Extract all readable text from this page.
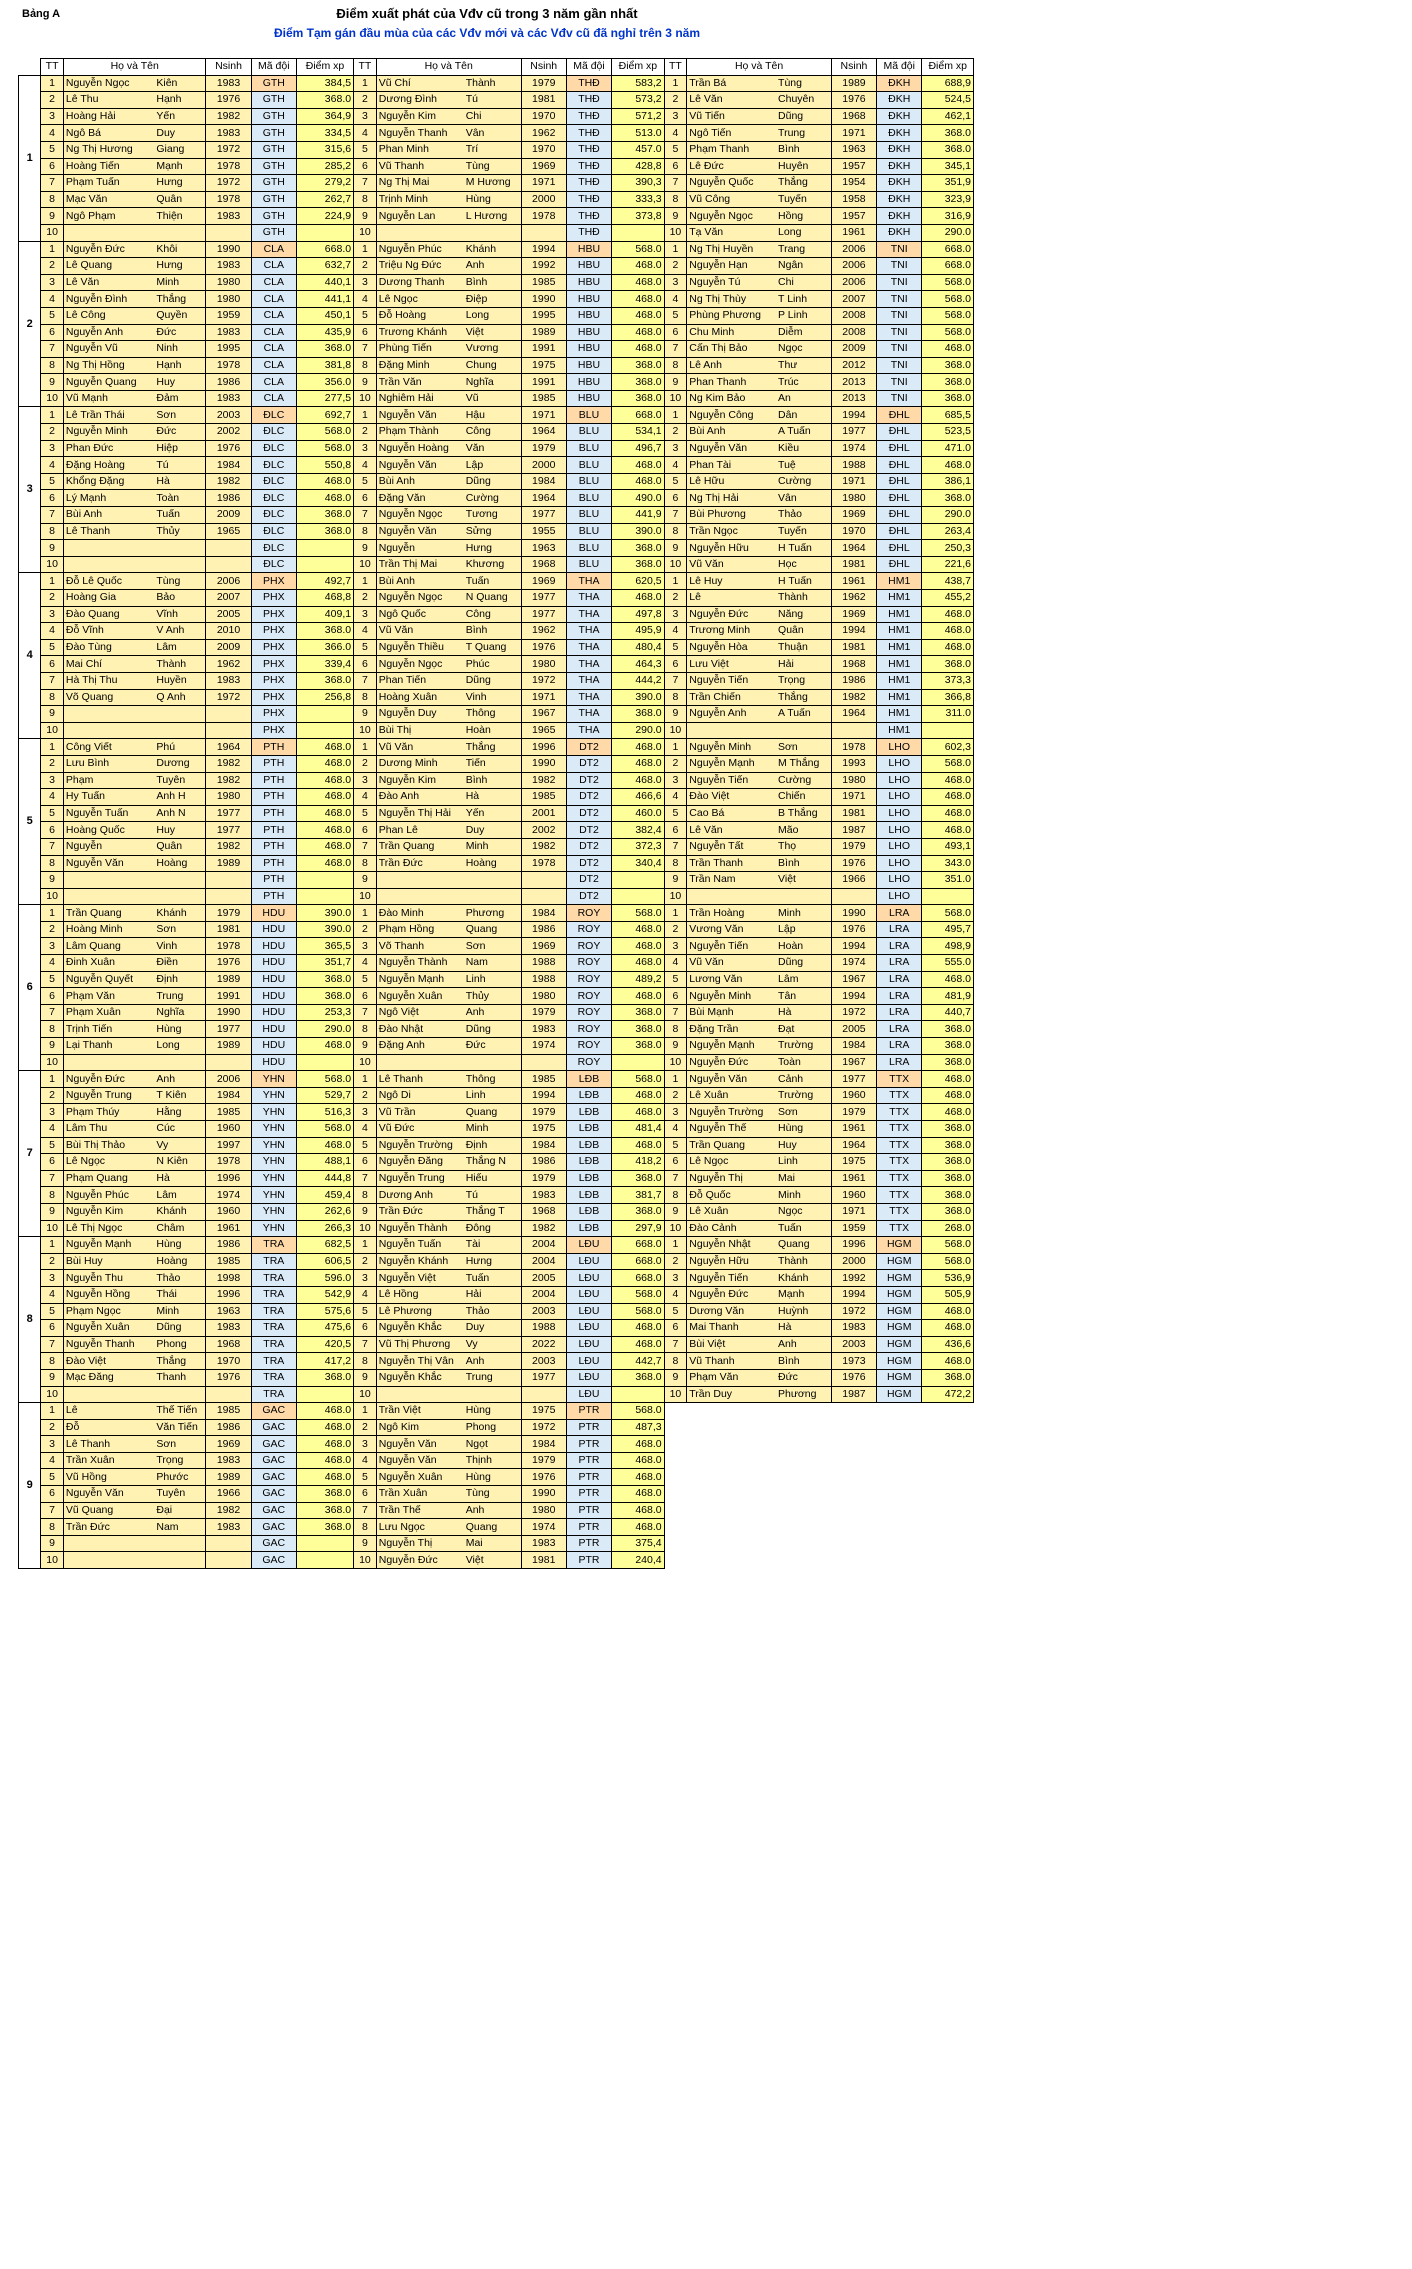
Bảng A	Điểm xuất phát của Vđv cũ trong 3 năm gần nhất
Điểm Tạm gán đầu mùa của các Vđv mới và các Vđv cũ đã nghỉ trên 3 năm
	TT	Họ và Tên		Nsinh	Mã đội	Điểm xp	TT	Họ và Tên		Nsinh	Mã đội	Điểm xp	TT	Họ và Tên		Nsinh	Mã đội	Điểm xp
1	1	Nguyễn Ngọc	Kiên	1983	GTH	384,5	1	Vũ Chí	Thành	1979	THĐ	583,2	1	Trần Bá	Tùng	1989	ĐKH	688,9
	2	Lê Thu	Hạnh	1976	GTH	368.0	2	Dương Đình	Tú	1981	THĐ	573,2	2	Lê Văn	Chuyên	1976	ĐKH	524,5
	3	Hoàng Hải	Yến	1982	GTH	364,9	3	Nguyễn Kim	Chi	1970	THĐ	571,2	3	Vũ Tiến	Dũng	1968	ĐKH	462,1
	4	Ngô Bá	Duy	1983	GTH	334,5	4	Nguyễn Thanh	Vân	1962	THĐ	513.0	4	Ngô Tiến	Trung	1971	ĐKH	368.0
	5	Ng Thị Hương	Giang	1972	GTH	315,6	5	Phan Minh	Trí	1970	THĐ	457.0	5	Phạm Thanh	Bình	1963	ĐKH	368.0
	6	Hoàng Tiến	Mạnh	1978	GTH	285,2	6	Vũ Thanh	Tùng	1969	THĐ	428,8	6	Lê Đức	Huyên	1957	ĐKH	345,1
	7	Phạm Tuấn	Hưng	1972	GTH	279,2	7	Ng Thị Mai	M Hương	1971	THĐ	390,3	7	Nguyễn Quốc	Thắng	1954	ĐKH	351,9
	8	Mạc Văn	Quân	1978	GTH	262,7	8	Trịnh Minh	Hùng	2000	THĐ	333,3	8	Vũ Công	Tuyến	1958	ĐKH	323,9
	9	Ngô Phạm	Thiện	1983	GTH	224,9	9	Nguyễn Lan	L Hương	1978	THĐ	373,8	9	Nguyễn Ngọc	Hồng	1957	ĐKH	316,9
	10				GTH		10				THĐ		10	Tạ Văn	Long	1961	ĐKH	290.0
2	1	Nguyễn Đức	Khôi	1990	CLA	668.0	1	Nguyễn Phúc	Khánh	1994	HBU	568.0	1	Ng Thị Huyền	Trang	2006	TNI	668.0
	2	Lê Quang	Hưng	1983	CLA	632,7	2	Triệu Ng Đức	Anh	1992	HBU	468.0	2	Nguyễn Hạn	Ngân	2006	TNI	668.0
	3	Lê Văn	Minh	1980	CLA	440,1	3	Dương Thanh	Bình	1985	HBU	468.0	3	Nguyễn Tú	Chi	2006	TNI	568.0
	4	Nguyễn Đình	Thắng	1980	CLA	441,1	4	Lê Ngọc	Điệp	1990	HBU	468.0	4	Ng Thị Thùy	T Linh	2007	TNI	568.0
	5	Lê Công	Quyền	1959	CLA	450,1	5	Đỗ Hoàng	Long	1995	HBU	468.0	5	Phùng Phương	P Linh	2008	TNI	568.0
	6	Nguyễn Anh	Đức	1983	CLA	435,9	6	Trương Khánh	Việt	1989	HBU	468.0	6	Chu Minh	Diễm	2008	TNI	568.0
	7	Nguyễn Vũ	Ninh	1995	CLA	368.0	7	Phùng Tiến	Vương	1991	HBU	468.0	7	Cấn Thị Bảo	Ngọc	2009	TNI	468.0
	8	Ng Thị Hồng	Hạnh	1978	CLA	381,8	8	Đặng Minh	Chung	1975	HBU	368.0	8	Lê Anh	Thư	2012	TNI	368.0
	9	Nguyễn Quang	Huy	1986	CLA	356.0	9	Trần Văn	Nghĩa	1991	HBU	368.0	9	Phan Thanh	Trúc	2013	TNI	368.0
	10	Vũ Mạnh	Đảm	1983	CLA	277,5	10	Nghiêm Hải	Vũ	1985	HBU	368.0	10	Ng Kim Bảo	An	2013	TNI	368.0
3	1	Lê Trần Thái	Sơn	2003	ĐLC	692,7	1	Nguyễn Văn	Hậu	1971	BLU	668.0	1	Nguyễn Công	Dân	1994	ĐHL	685,5
	2	Nguyễn Minh	Đức	2002	ĐLC	568.0	2	Phạm Thành	Công	1964	BLU	534,1	2	Bùi Anh	A Tuấn	1977	ĐHL	523,5
	3	Phan Đức	Hiệp	1976	ĐLC	568.0	3	Nguyễn Hoàng	Văn	1979	BLU	496,7	3	Nguyễn Văn	Kiều	1974	ĐHL	471.0
	4	Đặng Hoàng	Tú	1984	ĐLC	550,8	4	Nguyễn Văn	Lập	2000	BLU	468.0	4	Phan Tài	Tuệ	1988	ĐHL	468.0
	5	Khổng Đặng	Hà	1982	ĐLC	468.0	5	Bùi Anh	Dũng	1984	BLU	468.0	5	Lê Hữu	Cường	1971	ĐHL	386,1
	6	Lý Mạnh	Toàn	1986	ĐLC	468.0	6	Đặng Văn	Cường	1964	BLU	490.0	6	Ng Thị Hải	Vân	1980	ĐHL	368.0
	7	Bùi Anh	Tuấn	2009	ĐLC	368.0	7	Nguyễn Ngọc	Tương	1977	BLU	441,9	7	Bùi Phương	Thảo	1969	ĐHL	290.0
	8	Lê Thanh	Thủy	1965	ĐLC	368.0	8	Nguyễn Văn	Sửng	1955	BLU	390.0	8	Trần Ngọc	Tuyến	1970	ĐHL	263,4
	9				ĐLC		9	Nguyễn	Hưng	1963	BLU	368.0	9	Nguyễn Hữu	H Tuấn	1964	ĐHL	250,3
	10				ĐLC		10	Trần Thị Mai	Khương	1968	BLU	368.0	10	Vũ Văn	Học	1981	ĐHL	221,6
4	1	Đỗ Lê Quốc	Tùng	2006	PHX	492,7	1	Bùi Anh	Tuấn	1969	THA	620,5	1	Lê Huy	H Tuấn	1961	HM1	438,7
	2	Hoàng Gia	Bảo	2007	PHX	468,8	2	Nguyễn Ngọc	N Quang	1977	THA	468.0	2	Lê	Thành	1962	HM1	455,2
	3	Đào Quang	Vĩnh	2005	PHX	409,1	3	Ngô Quốc	Công	1977	THA	497,8	3	Nguyễn Đức	Năng	1969	HM1	468.0
	4	Đỗ Vĩnh	V Anh	2010	PHX	368.0	4	Vũ Văn	Bình	1962	THA	495,9	4	Trương Minh	Quân	1994	HM1	468.0
	5	Đào Tùng	Lâm	2009	PHX	366.0	5	Nguyễn Thiều	T Quang	1976	THA	480,4	5	Nguyễn Hòa	Thuận	1981	HM1	468.0
	6	Mai Chí	Thành	1962	PHX	339,4	6	Nguyễn Ngọc	Phúc	1980	THA	464,3	6	Lưu Việt	Hải	1968	HM1	368.0
	7	Hà Thị Thu	Huyền	1983	PHX	368.0	7	Phan Tiến	Dũng	1972	THA	444,2	7	Nguyễn Tiến	Trọng	1986	HM1	373,3
	8	Võ Quang	Q Anh	1972	PHX	256,8	8	Hoàng Xuân	Vinh	1971	THA	390.0	8	Trần Chiến	Thắng	1982	HM1	366,8
	9				PHX		9	Nguyễn Duy	Thông	1967	THA	368.0	9	Nguyễn Anh	A Tuấn	1964	HM1	311.0
	10				PHX		10	Bùi Thị	Hoàn	1965	THA	290.0	10				HM1	
5	1	Công Viết	Phú	1964	PTH	468.0	1	Vũ Văn	Thắng	1996	DT2	468.0	1	Nguyễn Minh	Sơn	1978	LHO	602,3
	2	Lưu Bình	Dương	1982	PTH	468.0	2	Dương Minh	Tiến	1990	DT2	468.0	2	Nguyễn Mạnh	M Thắng	1993	LHO	568.0
	3	Phạm	Tuyên	1982	PTH	468.0	3	Nguyễn Kim	Bình	1982	DT2	468.0	3	Nguyễn Tiến	Cường	1980	LHO	468.0
	4	Hy Tuấn	Anh H	1980	PTH	468.0	4	Đào Anh	Hà	1985	DT2	466,6	4	Đào Việt	Chiến	1971	LHO	468.0
	5	Nguyễn Tuấn	Anh N	1977	PTH	468.0	5	Nguyễn Thị Hải	Yến	2001	DT2	460.0	5	Cao Bá	B Thắng	1981	LHO	468.0
	6	Hoàng Quốc	Huy	1977	PTH	468.0	6	Phan Lê	Duy	2002	DT2	382,4	6	Lê Văn	Mão	1987	LHO	468.0
	7	Nguyễn	Quân	1982	PTH	468.0	7	Trần Quang	Minh	1982	DT2	372,3	7	Nguyễn Tất	Thọ	1979	LHO	493,1
	8	Nguyễn Văn	Hoàng	1989	PTH	468.0	8	Trần Đức	Hoàng	1978	DT2	340,4	8	Trần Thanh	Bình	1976	LHO	343.0
	9				PTH		9				DT2		9	Trần Nam	Việt	1966	LHO	351.0
	10				PTH		10				DT2		10				LHO	
6	1	Trần Quang	Khánh	1979	HDU	390.0	1	Đào Minh	Phương	1984	ROY	568.0	1	Trần Hoàng	Minh	1990	LRA	568.0
	2	Hoàng Minh	Sơn	1981	HDU	390.0	2	Phạm Hồng	Quang	1986	ROY	468.0	2	Vương Văn	Lập	1976	LRA	495,7
	3	Lâm Quang	Vinh	1978	HDU	365,5	3	Võ Thanh	Sơn	1969	ROY	468.0	3	Nguyễn Tiến	Hoàn	1994	LRA	498,9
	4	Đinh Xuân	Điền	1976	HDU	351,7	4	Nguyễn Thành	Nam	1988	ROY	468.0	4	Vũ Văn	Dũng	1974	LRA	555.0
	5	Nguyễn Quyết	Định	1989	HDU	368.0	5	Nguyễn Mạnh	Linh	1988	ROY	489,2	5	Lương Văn	Lâm	1967	LRA	468.0
	6	Phạm Văn	Trung	1991	HDU	368.0	6	Nguyễn Xuân	Thủy	1980	ROY	468.0	6	Nguyễn Minh	Tân	1994	LRA	481,9
	7	Phạm Xuân	Nghĩa	1990	HDU	253,3	7	Ngô Việt	Anh	1979	ROY	368.0	7	Bùi Mạnh	Hà	1972	LRA	440,7
	8	Trịnh Tiến	Hùng	1977	HDU	290.0	8	Đào Nhật	Dũng	1983	ROY	368.0	8	Đặng Trần	Đạt	2005	LRA	368.0
	9	Lại Thanh	Long	1989	HDU	468.0	9	Đặng Anh	Đức	1974	ROY	368.0	9	Nguyễn Mạnh	Trường	1984	LRA	368.0
	10				HDU		10				ROY		10	Nguyễn Đức	Toàn	1967	LRA	368.0
7	1	Nguyễn Đức	Anh	2006	YHN	568.0	1	Lê Thanh	Thông	1985	LĐB	568.0	1	Nguyễn Văn	Cảnh	1977	TTX	468.0
	2	Nguyễn Trung	T Kiên	1984	YHN	529,7	2	Ngô Di	Linh	1994	LĐB	468.0	2	Lê Xuân	Trường	1960	TTX	468.0
	3	Phạm Thúy	Hằng	1985	YHN	516,3	3	Vũ Trần	Quang	1979	LĐB	468.0	3	Nguyễn Trường	Sơn	1979	TTX	468.0
	4	Lâm Thu	Cúc	1960	YHN	568.0	4	Vũ Đức	Minh	1975	LĐB	481,4	4	Nguyễn Thế	Hùng	1961	TTX	368.0
	5	Bùi Thị Thảo	Vy	1997	YHN	468.0	5	Nguyễn Trường	Định	1984	LĐB	468.0	5	Trần Quang	Huy	1964	TTX	368.0
	6	Lê Ngọc	N Kiên	1978	YHN	488,1	6	Nguyễn Đăng	Thắng N	1986	LĐB	418,2	6	Lê Ngọc	Linh	1975	TTX	368.0
	7	Phạm Quang	Hà	1996	YHN	444,8	7	Nguyễn Trung	Hiếu	1979	LĐB	368.0	7	Nguyễn Thị	Mai	1961	TTX	368.0
	8	Nguyễn Phúc	Lâm	1974	YHN	459,4	8	Dương Anh	Tú	1983	LĐB	381,7	8	Đỗ Quốc	Minh	1960	TTX	368.0
	9	Nguyễn Kim	Khánh	1960	YHN	262,6	9	Trần Đức	Thắng T	1968	LĐB	368.0	9	Lê Xuân	Ngọc	1971	TTX	368.0
	10	Lê Thị Ngọc	Châm	1961	YHN	266,3	10	Nguyễn Thành	Đông	1982	LĐB	297,9	10	Đào Cảnh	Tuấn	1959	TTX	268.0
8	1	Nguyễn Mạnh	Hùng	1986	TRA	682,5	1	Nguyễn Tuấn	Tài	2004	LĐU	668.0	1	Nguyễn Nhật	Quang	1996	HGM	568.0
	2	Bùi Huy	Hoàng	1985	TRA	606,5	2	Nguyễn Khánh	Hưng	2004	LĐU	668.0	2	Nguyễn Hữu	Thành	2000	HGM	568.0
	3	Nguyễn Thu	Thảo	1998	TRA	596.0	3	Nguyễn Việt	Tuấn	2005	LĐU	668.0	3	Nguyễn Tiến	Khánh	1992	HGM	536,9
	4	Nguyễn Hồng	Thái	1996	TRA	542,9	4	Lê Hồng	Hải	2004	LĐU	568.0	4	Nguyễn Đức	Mạnh	1994	HGM	505,9
	5	Phạm Ngọc	Minh	1963	TRA	575,6	5	Lê Phương	Thảo	2003	LĐU	568.0	5	Dương Văn	Huỳnh	1972	HGM	468.0
	6	Nguyễn Xuân	Dũng	1983	TRA	475,6	6	Nguyễn Khắc	Duy	1988	LĐU	468.0	6	Mai Thanh	Hà	1983	HGM	468.0
	7	Nguyễn Thanh	Phong	1968	TRA	420,5	7	Vũ Thị Phương	Vy	2022	LĐU	468.0	7	Bùi Việt	Anh	2003	HGM	436,6
	8	Đào Việt	Thắng	1970	TRA	417,2	8	Nguyễn Thị Vân	Anh	2003	LĐU	442,7	8	Vũ Thanh	Bình	1973	HGM	468.0
	9	Mạc Đăng	Thanh	1976	TRA	368.0	9	Nguyễn Khắc	Trung	1977	LĐU	368.0	9	Phạm Văn	Đức	1976	HGM	368.0
	10				TRA		10				LĐU		10	Trần Duy	Phương	1987	HGM	472,2
9	1	Lê	Thế Tiến	1985	GAC	468.0	1	Trần Việt	Hùng	1975	PTR	568.0						
	2	Đỗ	Văn Tiến	1986	GAC	468.0	2	Ngô Kim	Phong	1972	PTR	487,3						
	3	Lê Thanh	Sơn	1969	GAC	468.0	3	Nguyễn Văn	Ngọt	1984	PTR	468.0						
	4	Trần Xuân	Trọng	1983	GAC	468.0	4	Nguyễn Văn	Thịnh	1979	PTR	468.0						
	5	Vũ Hồng	Phước	1989	GAC	468.0	5	Nguyễn Xuân	Hùng	1976	PTR	468.0						
	6	Nguyễn Văn	Tuyên	1966	GAC	368.0	6	Trần Xuân	Tùng	1990	PTR	468.0						
	7	Vũ Quang	Đại	1982	GAC	368.0	7	Trần Thế	Anh	1980	PTR	468.0						
	8	Trần Đức	Nam	1983	GAC	368.0	8	Lưu Ngọc	Quang	1974	PTR	468.0						
	9				GAC		9	Nguyễn Thị	Mai	1983	PTR	375,4						
	10				GAC		10	Nguyễn Đức	Việt	1981	PTR	240,4						
